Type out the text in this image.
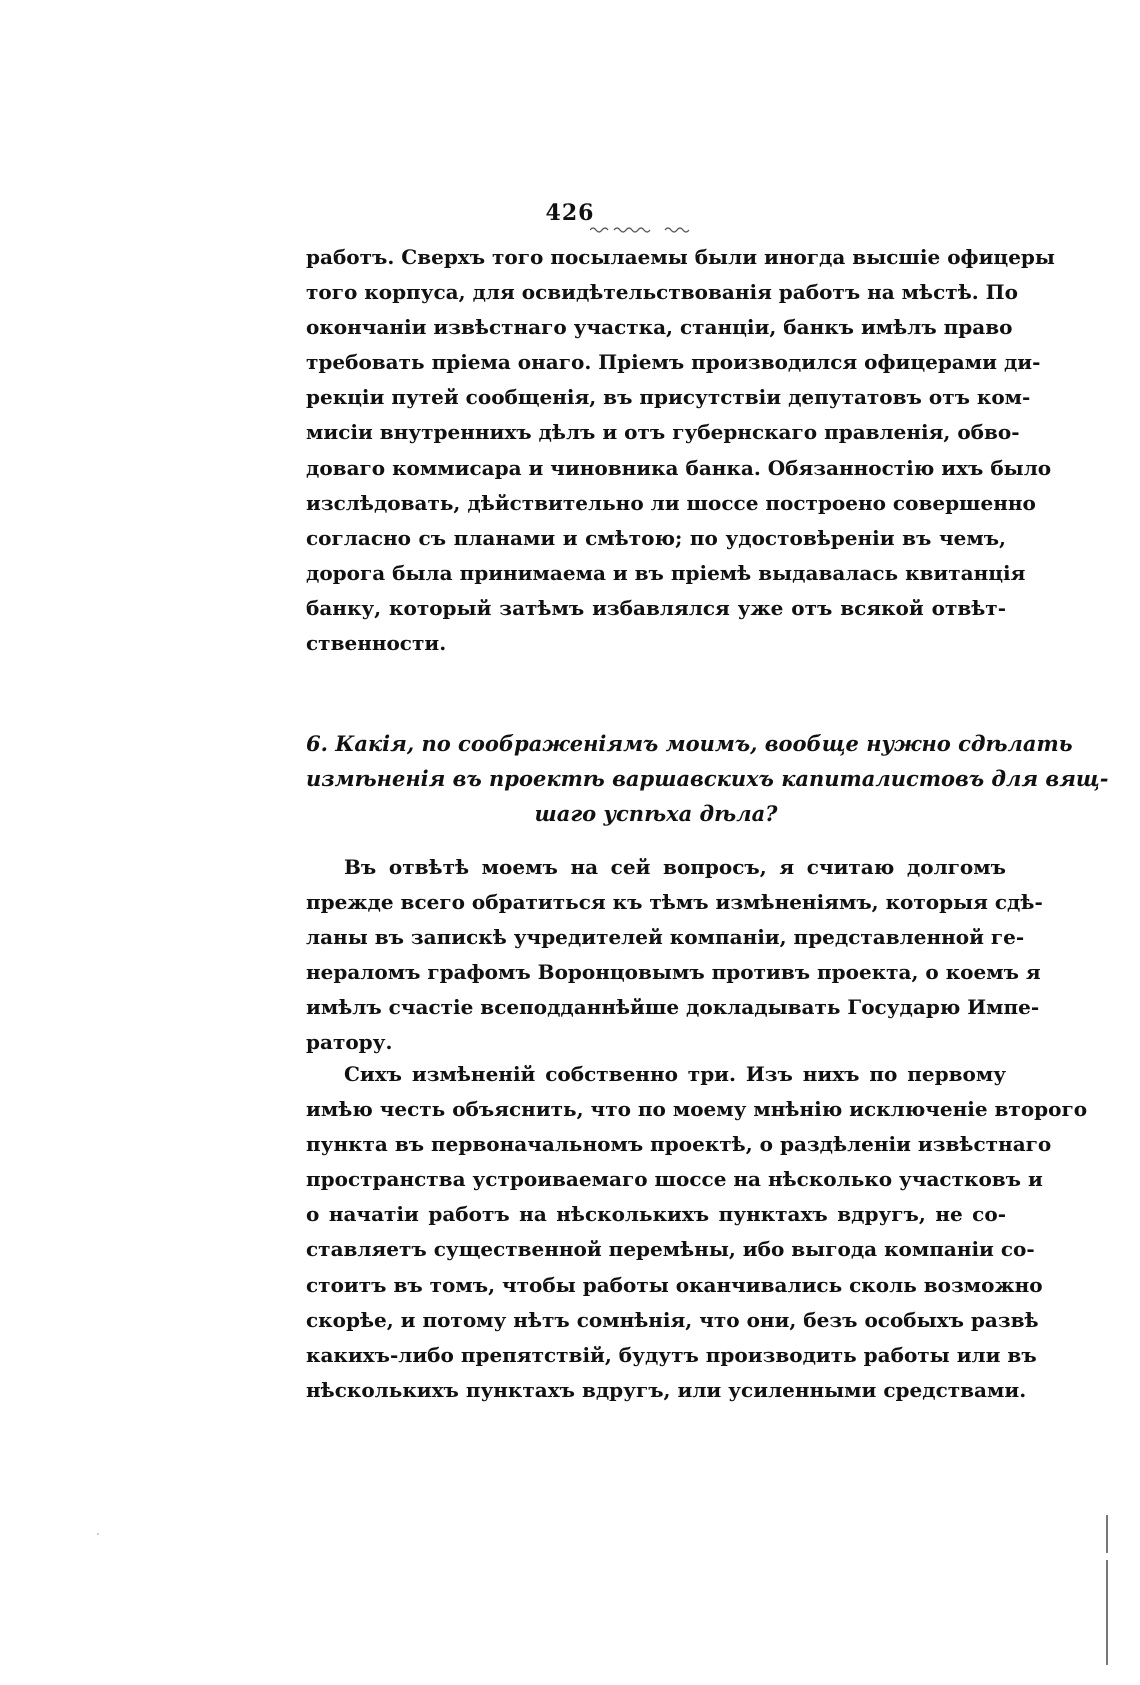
426
работъ. Сверхъ того посылаемы были иногда высшіе офицеры
того корпуса, для освидѣтельствованія работъ на мѣстѣ. По
окончаніи извѣстнаго участка, станціи, банкъ имѣлъ право
требовать пріема онаго. Пріемъ производился офицерами ди-
рекціи путей сообщенія, въ присутствіи депутатовъ отъ ком-
мисіи внутреннихъ дѣлъ и отъ губернскаго правленія, обво-
доваго коммисара и чиновника банка. Обязанностію ихъ было
изслѣдовать, дѣйствительно ли шоссе построено совершенно
согласно съ планами и смѣтою; по удостовѣреніи въ чемъ,
дорога была принимаема и въ пріемѣ выдавалась квитанція
банку, который затѣмъ избавлялся уже отъ всякой отвѣт-
ственности.
6. Какія, по соображеніямъ моимъ, вообще нужно сдѣлать
измѣненія въ проектѣ варшавскихъ капиталистовъ для вящ-
шаго успѣха дѣла?
Въ отвѣтѣ моемъ на сей вопросъ, я считаю долгомъ
прежде всего обратиться къ тѣмъ измѣненіямъ, которыя сдѣ-
ланы въ запискѣ учредителей компаніи, представленной ге-
нераломъ графомъ Воронцовымъ противъ проекта, о коемъ я
имѣлъ счастіе всеподданнѣйше докладывать Государю Импе-
ратору.
Сихъ измѣненій собственно три. Изъ нихъ по первому
имѣю честь объяснить, что по моему мнѣнію исключеніе второго
пункта въ первоначальномъ проектѣ, о раздѣленіи извѣстнаго
пространства устроиваемаго шоссе на нѣсколько участковъ и
о начатіи работъ на нѣсколькихъ пунктахъ вдругъ, не со-
ставляетъ существенной перемѣны, ибо выгода компаніи со-
стоитъ въ томъ, чтобы работы оканчивались сколь возможно
скорѣе, и потому нѣтъ сомнѣнія, что они, безъ особыхъ развѣ
какихъ-либо препятствій, будутъ производить работы или въ
нѣсколькихъ пунктахъ вдругъ, или усиленными средствами.
